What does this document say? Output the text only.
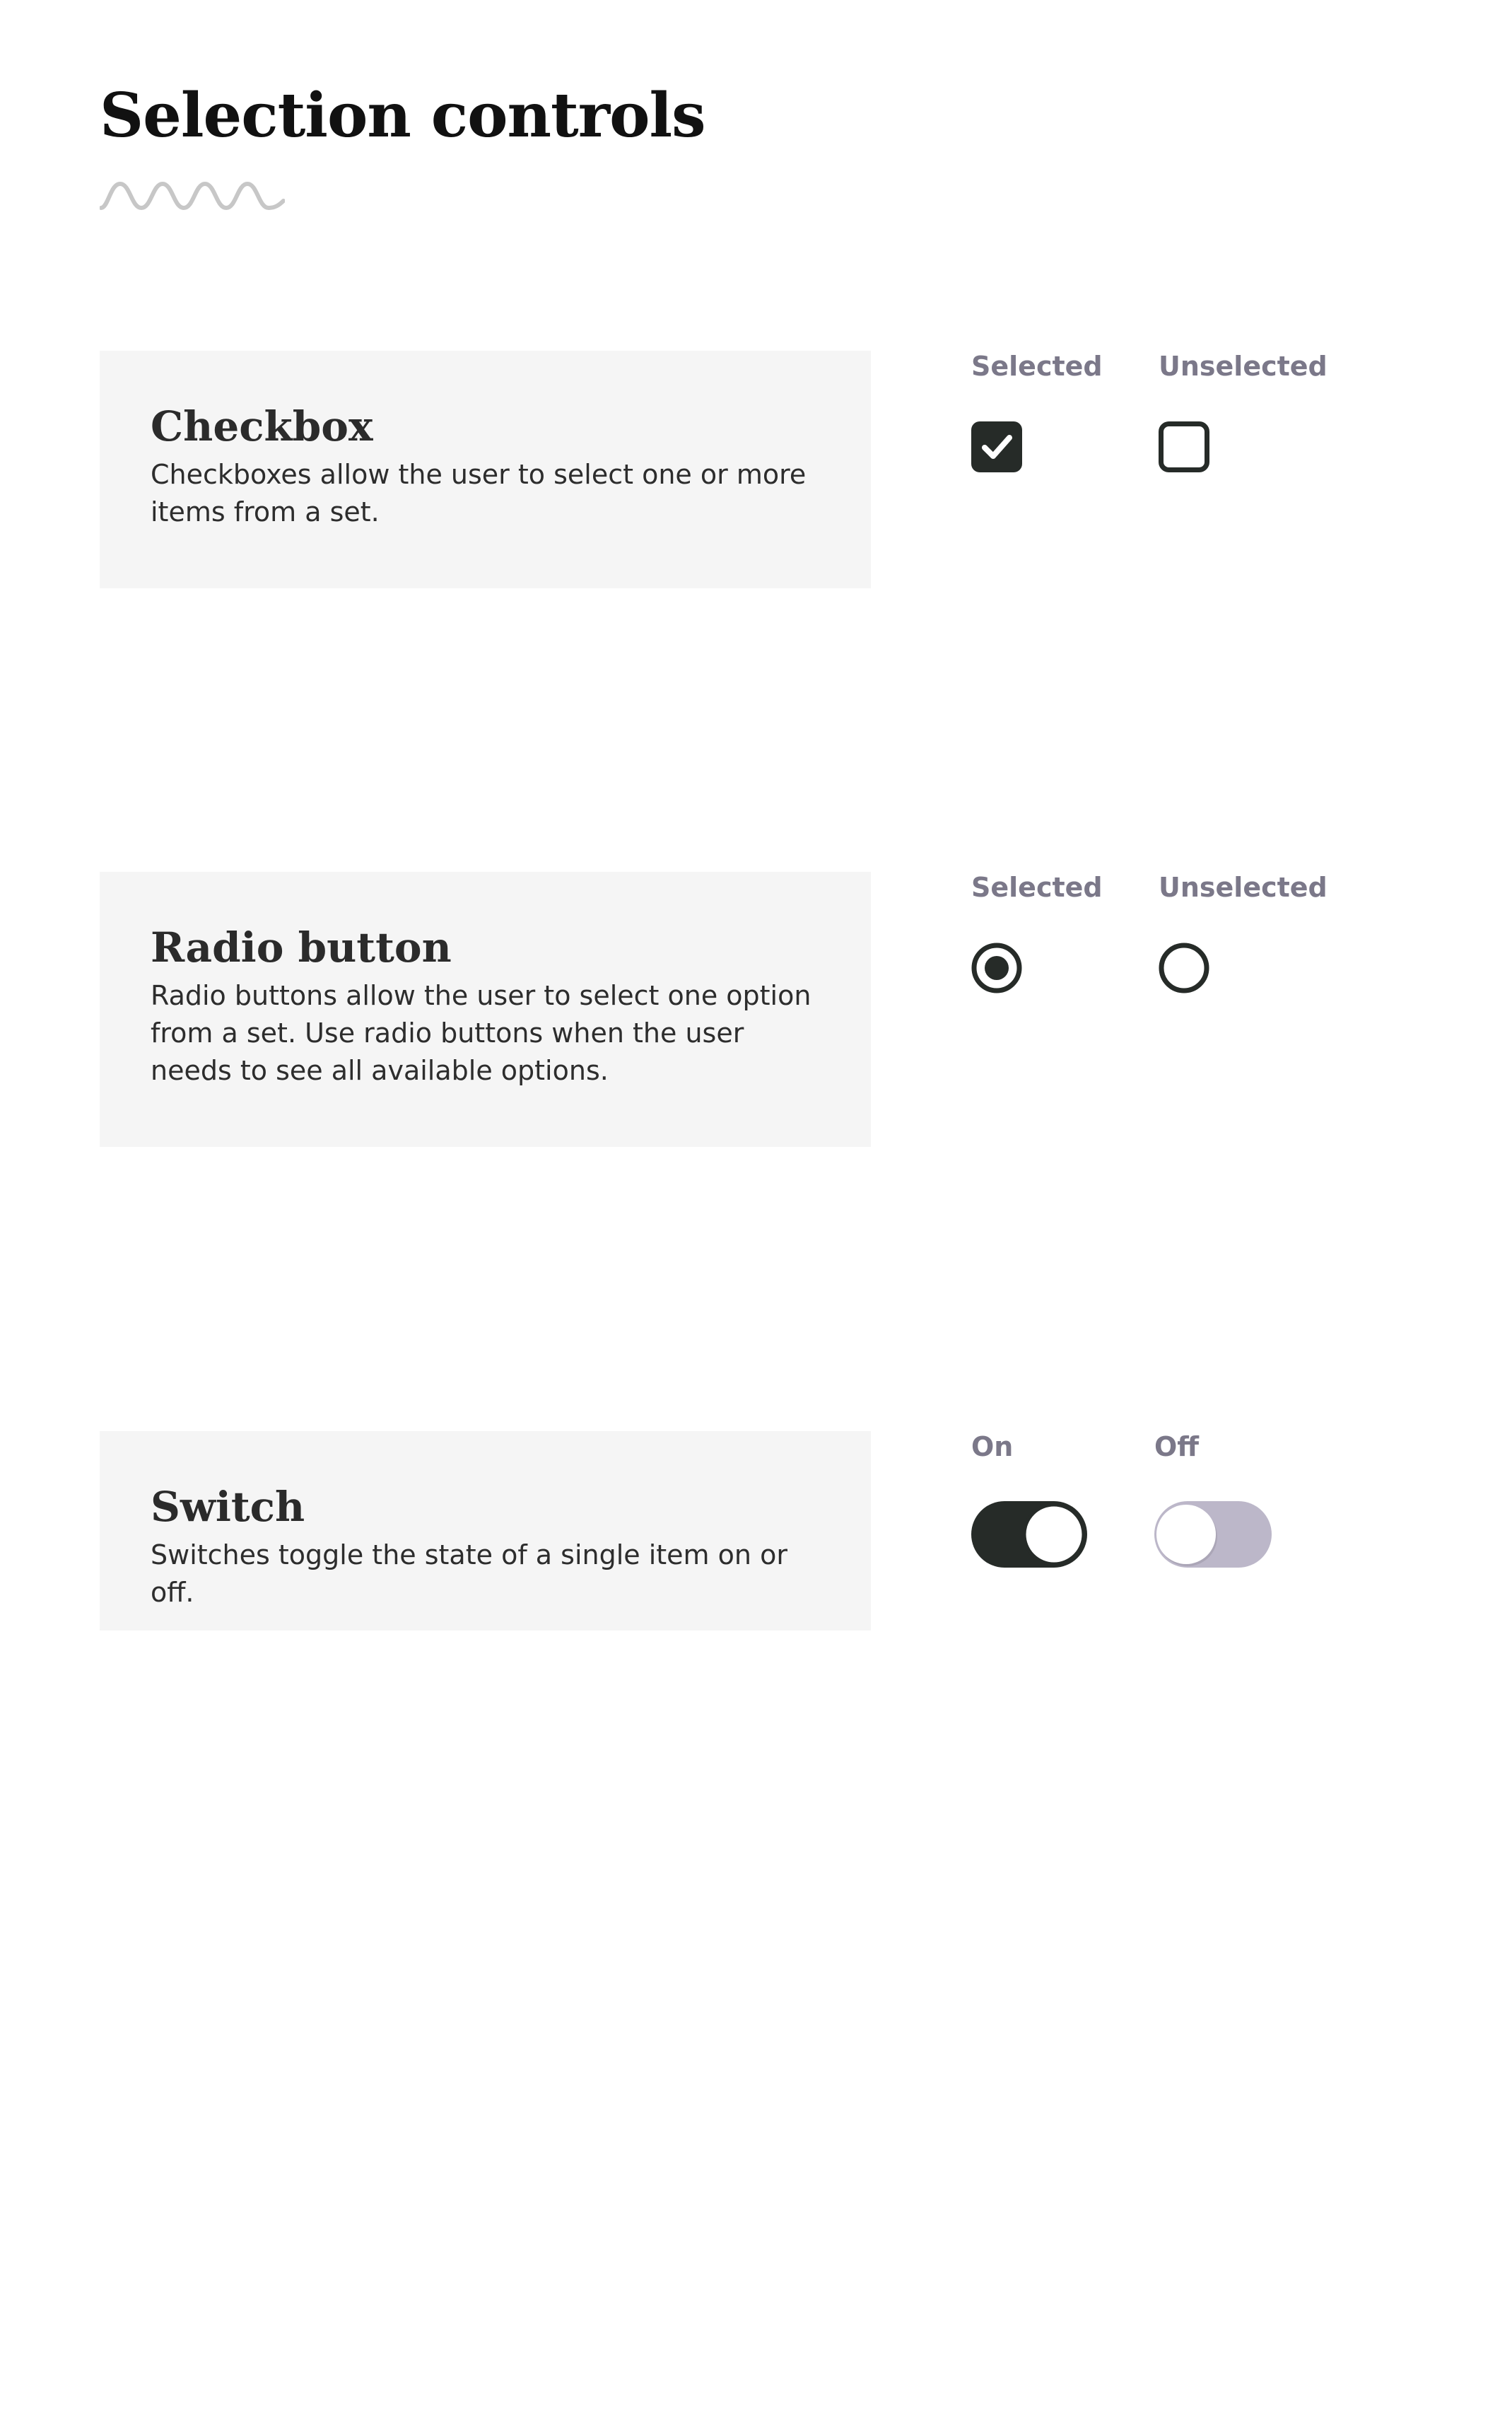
Selection controls
Checkbox

Checkboxes allow the user to select one or more items from a set.

Selected Unselected
Radio button

Radio buttons allow the user to select one option from a set. Use radio buttons when the user needs to see all available options.

Selected Unselected
Switch

Switches toggle the state of a single item on or off.

On	Off
